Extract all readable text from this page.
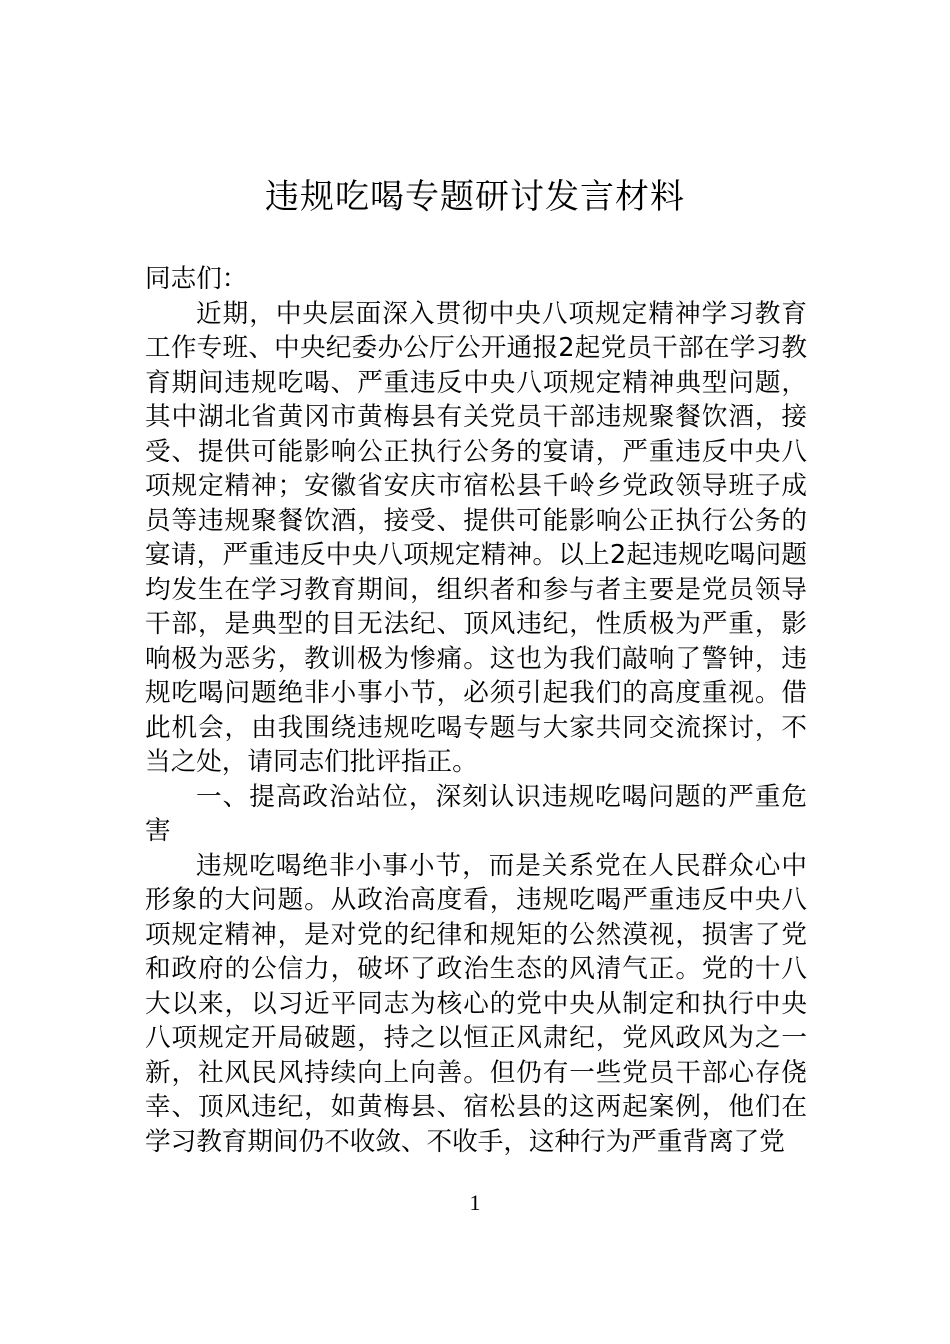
违规吃喝专题研讨发言材料

同志们：

近期，中央层面深入贯彻中央八项规定精神学习教育工作专班、中央纪委办公厅公开通报2起党员干部在学习教育期间违规吃喝、严重违反中央八项规定精神典型问题，其中湖北省黄冈市黄梅县有关党员干部违规聚餐饮酒，接受、提供可能影响公正执行公务的宴请，严重违反中央八项规定精神；安徽省安庆市宿松县千岭乡党政领导班子成员等违规聚餐饮酒，接受、提供可能影响公正执行公务的宴请，严重违反中央八项规定精神。以上2起违规吃喝问题均发生在学习教育期间，组织者和参与者主要是党员领导干部，是典型的目无法纪、顶风违纪，性质极为严重，影响极为恶劣，教训极为惨痛。这也为我们敲响了警钟，违规吃喝问题绝非小事小节，必须引起我们的高度重视。借此机会，由我围绕违规吃喝专题与大家共同交流探讨，不当之处，请同志们批评指正。

一、提高政治站位，深刻认识违规吃喝问题的严重危害

违规吃喝绝非小事小节，而是关系党在人民群众心中形象的大问题。从政治高度看，违规吃喝严重违反中央八项规定精神，是对党的纪律和规矩的公然漠视，损害了党和政府的公信力，破坏了政治生态的风清气正。党的十八大以来，以习近平同志为核心的党中央从制定和执行中央八项规定开局破题，持之以恒正风肃纪，党风政风为之一新，社风民风持续向上向善。但仍有一些党员干部心存侥幸、顶风违纪，如黄梅县、宿松县的这两起案例，他们在学习教育期间仍不收敛、不收手，这种行为严重背离了党

1
